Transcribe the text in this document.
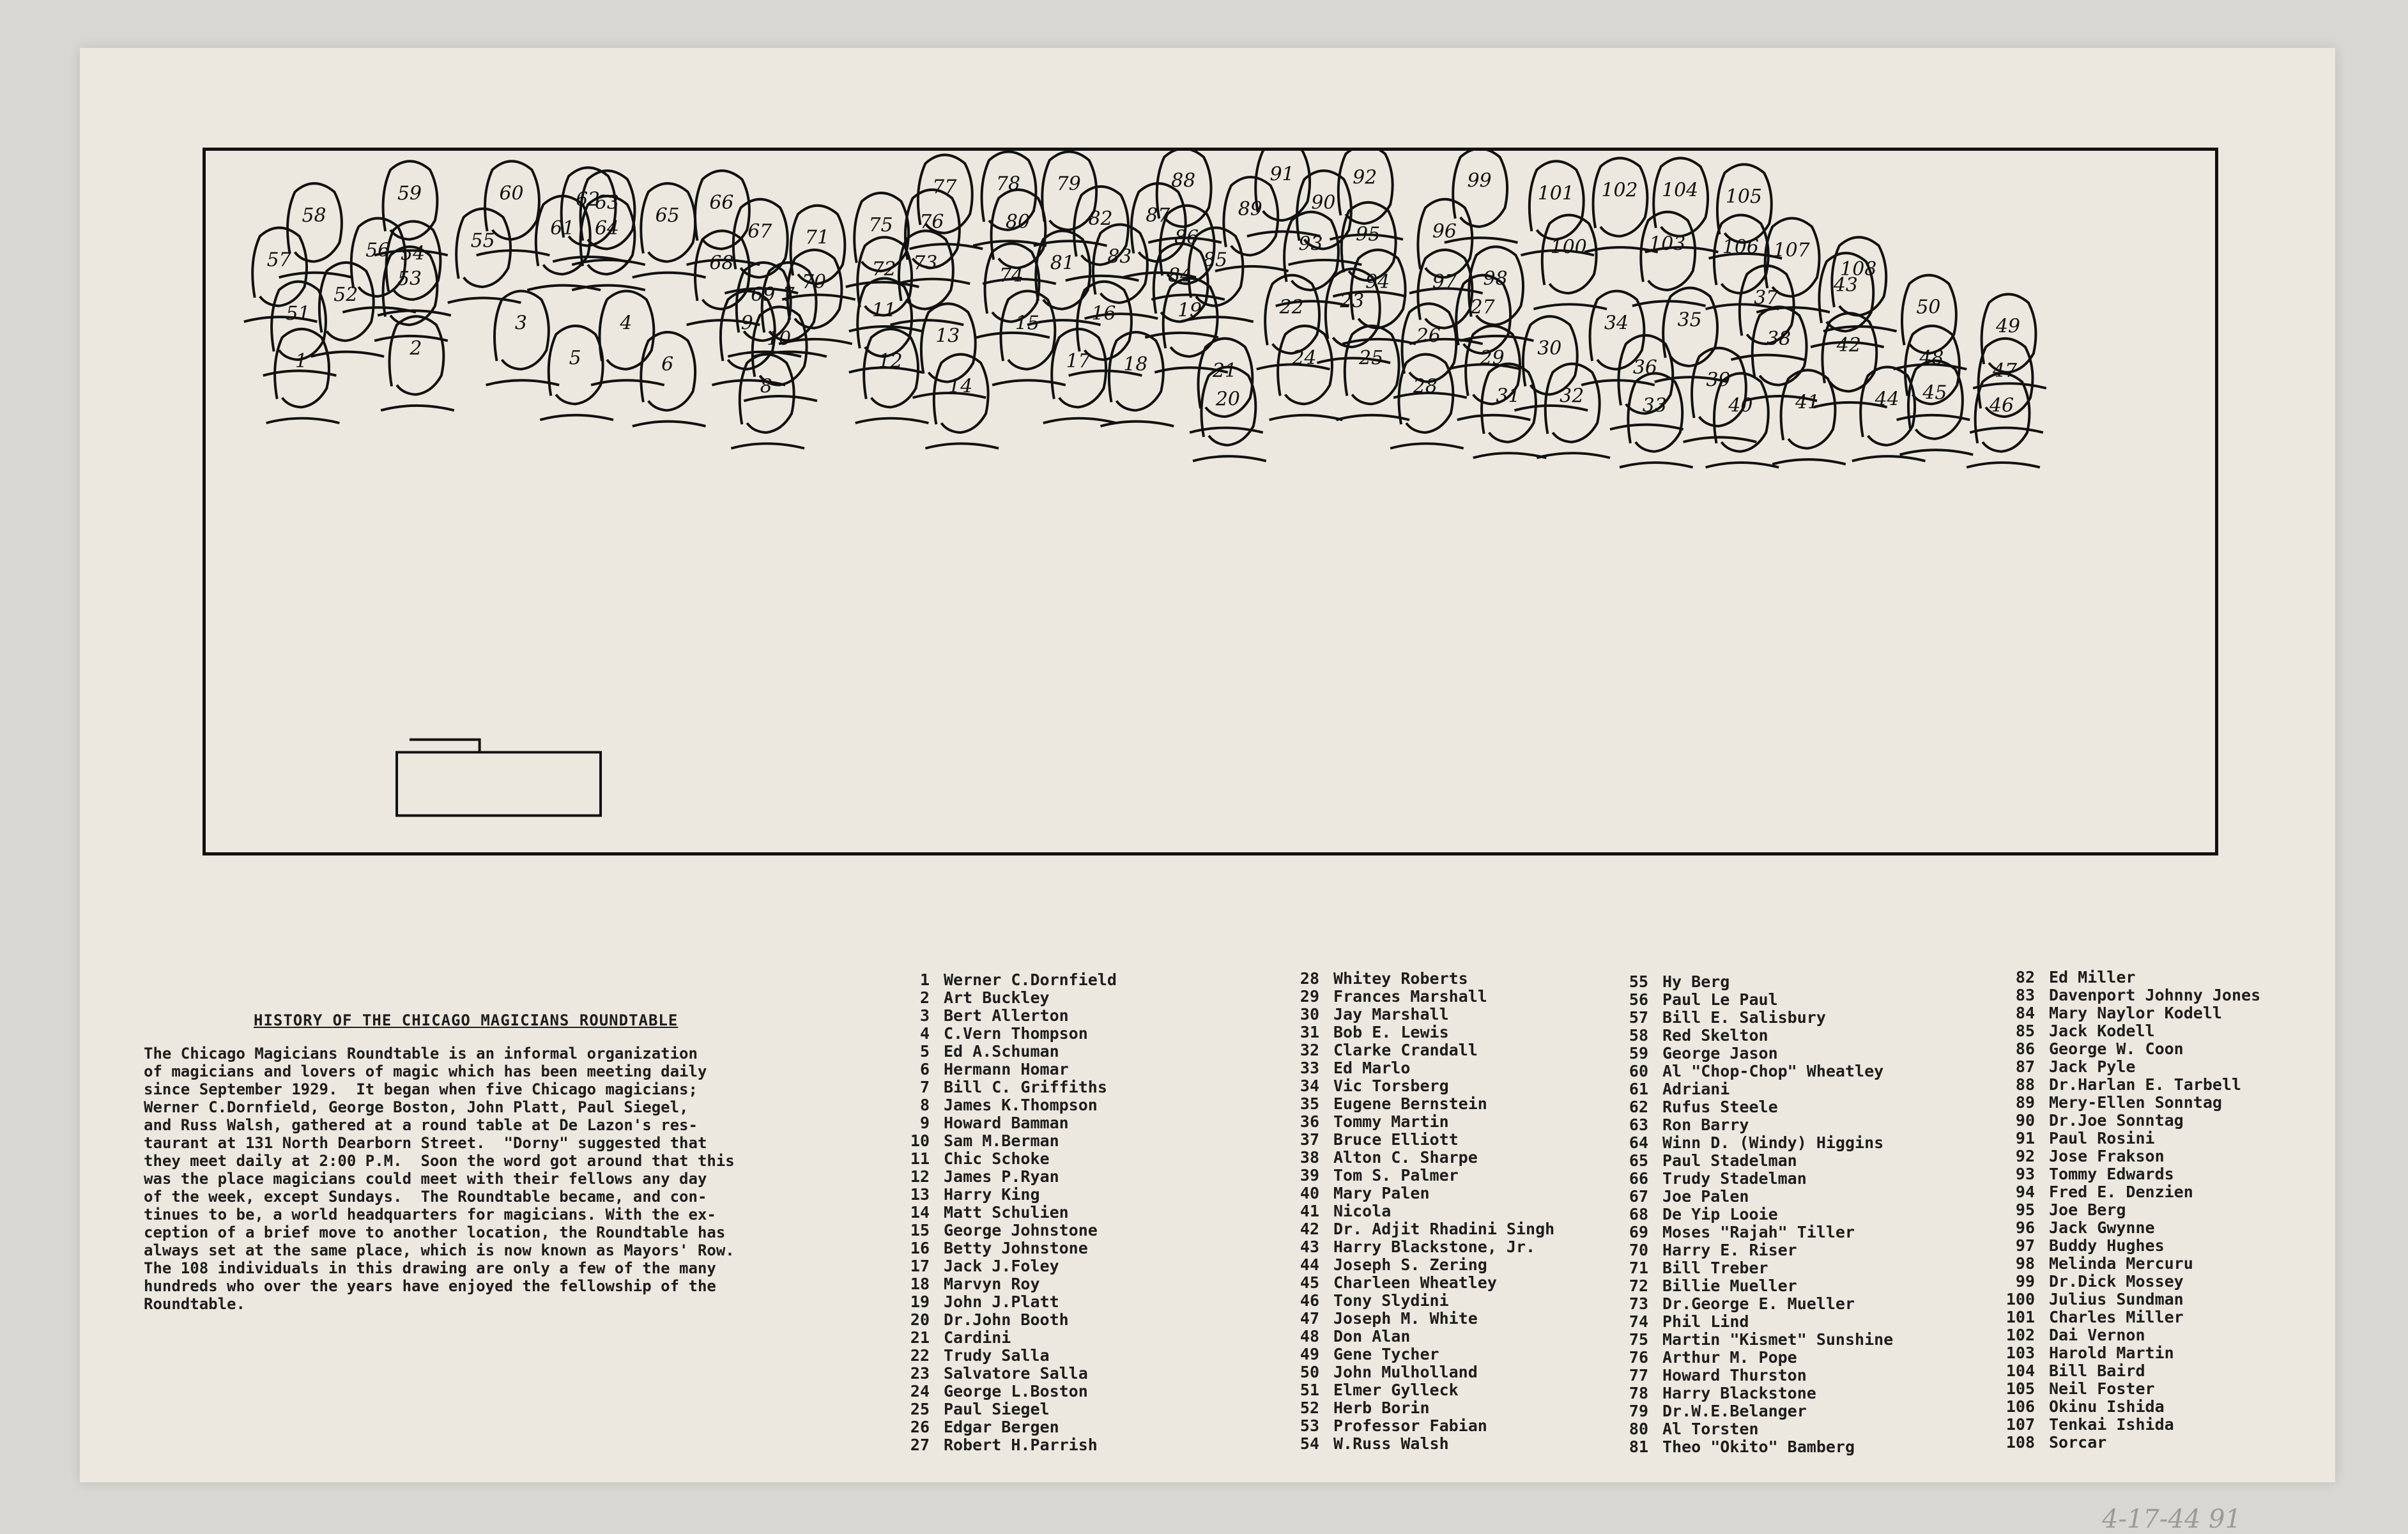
1
2
3	4
5	6
7
8
9
10
11
12
13
14
15	16
17 18
19
20
21
22 23
24 25
26
27
28
29 30
31 32	33
34	35
36
37
38
39
40 41
42
43
44 45
46
47
48
49
50
51
52
53
54
55
56
57
58
59	60
61
62
63
64
65
66
67
68
69
70
71
72 73
74
75 76
77 78 79
80
81
82
83
84
85
86
87
88
89	90
91	92
93
94
95	96
97 98
99
100
101 102
103
104 105
106 107
108
HISTORY OF THE CHICAGO MAGICIANS ROUNDTABLE
The Chicago Magicians Roundtable is an informal organization
of magicians and lovers of magic which has been meeting daily
since September 1929.  It began when five Chicago magicians;
Werner C.Dornfield, George Boston, John Platt, Paul Siegel,
and Russ Walsh, gathered at a round table at De Lazon's res-
taurant at 131 North Dearborn Street.  "Dorny" suggested that
they meet daily at 2:00 P.M.  Soon the word got around that this
was the place magicians could meet with their fellows any day
of the week, except Sundays.  The Roundtable became, and con-
tinues to be, a world headquarters for magicians. With the ex-
ception of a brief move to another location, the Roundtable has
always set at the same place, which is now known as Mayors' Row.
The 108 individuals in this drawing are only a few of the many
hundreds who over the years have enjoyed the fellowship of the
Roundtable.
1 Werner C.Dornfield
2 Art Buckley
3 Bert Allerton
4 C.Vern Thompson
5 Ed A.Schuman
6 Hermann Homar
7 Bill C. Griffiths
8 James K.Thompson
9 Howard Bamman
10 Sam M.Berman
11 Chic Schoke
12 James P.Ryan
13 Harry King
14 Matt Schulien
15 George Johnstone
16 Betty Johnstone
17 Jack J.Foley
18 Marvyn Roy
19 John J.Platt
20 Dr.John Booth
21 Cardini
22 Trudy Salla
23 Salvatore Salla
24 George L.Boston
25 Paul Siegel
26 Edgar Bergen
27 Robert H.Parrish
28 Whitey Roberts
29 Frances Marshall
30 Jay Marshall
31 Bob E. Lewis
32 Clarke Crandall
33 Ed Marlo
34 Vic Torsberg
35 Eugene Bernstein
36 Tommy Martin
37 Bruce Elliott
38 Alton C. Sharpe
39 Tom S. Palmer
40 Mary Palen
41 Nicola
42 Dr. Adjit Rhadini Singh
43 Harry Blackstone, Jr.
44 Joseph S. Zering
45 Charleen Wheatley
46 Tony Slydini
47 Joseph M. White
48 Don Alan
49 Gene Tycher
50 John Mulholland
51 Elmer Gylleck
52 Herb Borin
53 Professor Fabian
54 W.Russ Walsh
55 Hy Berg
56 Paul Le Paul
57 Bill E. Salisbury
58 Red Skelton
59 George Jason
60 Al "Chop-Chop" Wheatley
61 Adriani
62 Rufus Steele
63 Ron Barry
64 Winn D. (Windy) Higgins
65 Paul Stadelman
66 Trudy Stadelman
67 Joe Palen
68 De Yip Looie
69 Moses "Rajah" Tiller
70 Harry E. Riser
71 Bill Treber
72 Billie Mueller
73 Dr.George E. Mueller
74 Phil Lind
75 Martin "Kismet" Sunshine
76 Arthur M. Pope
77 Howard Thurston
78 Harry Blackstone
79 Dr.W.E.Belanger
80 Al Torsten
81 Theo "Okito" Bamberg
82 Ed Miller
83 Davenport Johnny Jones
84 Mary Naylor Kodell
85 Jack Kodell
86 George W. Coon
87 Jack Pyle
88 Dr.Harlan E. Tarbell
89 Mery-Ellen Sonntag
90 Dr.Joe Sonntag
91 Paul Rosini
92 Jose Frakson
93 Tommy Edwards
94 Fred E. Denzien
95 Joe Berg
96 Jack Gwynne
97 Buddy Hughes
98 Melinda Mercuru
99 Dr.Dick Mossey
100 Julius Sundman
101 Charles Miller
102 Dai Vernon
103 Harold Martin
104 Bill Baird
105 Neil Foster
106 Okinu Ishida
107 Tenkai Ishida
108 Sorcar
4-17-44 91
